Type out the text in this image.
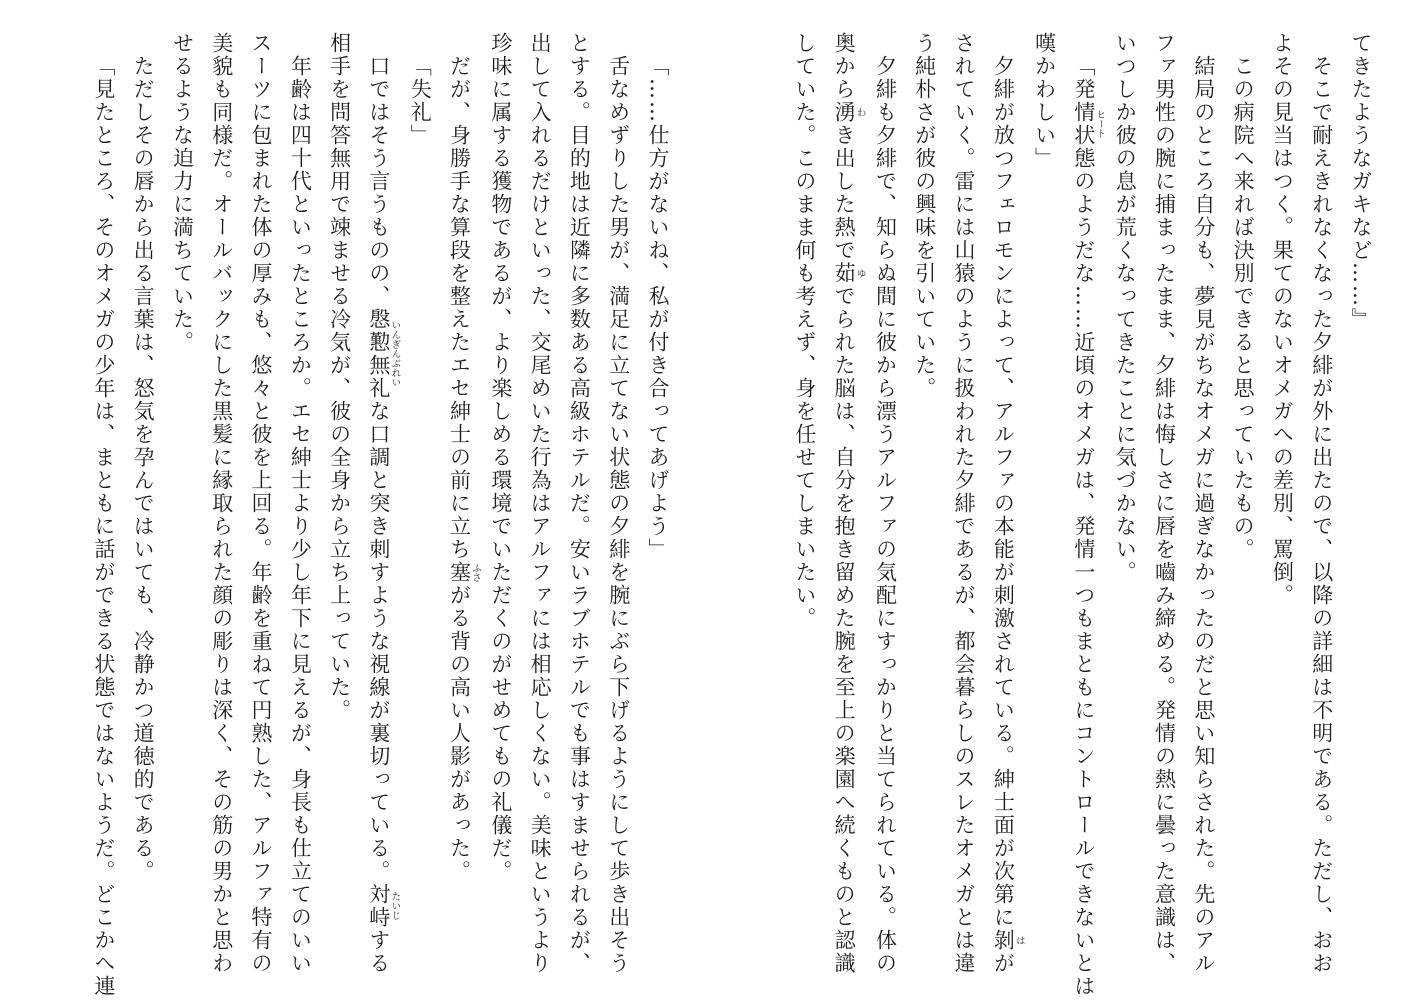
てきたようなガキなど……』

そこで耐えきれなくなった夕緋が外に出たので、以降の詳細は不明である。ただし、おお

よその見当はつく。果てのないオメガへの差別、罵倒。

この病院へ来れば決別できると思っていたもの。

結局のところ自分も、夢見がちなオメガに過ぎなかったのだと思い知らされた。先のアル

ファ男性の腕に捕まったまま、夕緋は悔しさに唇を嚙み締める。発情の熱に曇った意識は、

いつしか彼の息が荒くなってきたことに気づかない。

「発情状態ヒートのようだな……近頃のオメガは、発情一つもまともにコントロールできないとは

嘆かわしい」

夕緋が放つフェロモンによって、アルファの本能が刺激されている。紳士面が次第に剝はが

されていく。雷には山猿のように扱われた夕緋であるが、都会暮らしのスレたオメガとは違

う純朴さが彼の興味を引いていた。

夕緋も夕緋で、知らぬ間に彼から漂うアルファの気配にすっかりと当てられている。体の

奥から湧わき出した熱で茹ゆでられた脳は、自分を抱き留めた腕を至上の楽園へ続くものと認識

していた。このまま何も考えず、身を任せてしまいたい。

「……仕方がないね、私が付き合ってあげよう」

舌なめずりした男が、満足に立てない状態の夕緋を腕にぶら下げるようにして歩き出そう

とする。目的地は近隣に多数ある高級ホテルだ。安いラブホテルでも事はすませられるが、

出して入れるだけといった、交尾めいた行為はアルファには相応しくない。美味というより

珍味に属する獲物であるが、より楽しめる環境でいただくのがせめてもの礼儀だ。

だが、身勝手な算段を整えたエセ紳士の前に立ち塞ふさがる背の高い人影があった。

「失礼」

口ではそう言うものの、慇懃無礼いんぎんぶれいな口調と突き刺すような視線が裏切っている。対峙たいじする

相手を問答無用で竦ませる冷気が、彼の全身から立ち上っていた。

年齢は四十代といったところか。エセ紳士より少し年下に見えるが、身長も仕立てのいい

スーツに包まれた体の厚みも、悠々と彼を上回る。年齢を重ねて円熟した、アルファ特有の

美貌も同様だ。オールバックにした黒髪に縁取られた顔の彫りは深く、その筋の男かと思わ

せるような迫力に満ちていた。

ただしその唇から出る言葉は、怒気を孕んではいても、冷静かつ道徳的である。

「見たところ、そのオメガの少年は、まともに話ができる状態ではないようだ。どこかへ連
